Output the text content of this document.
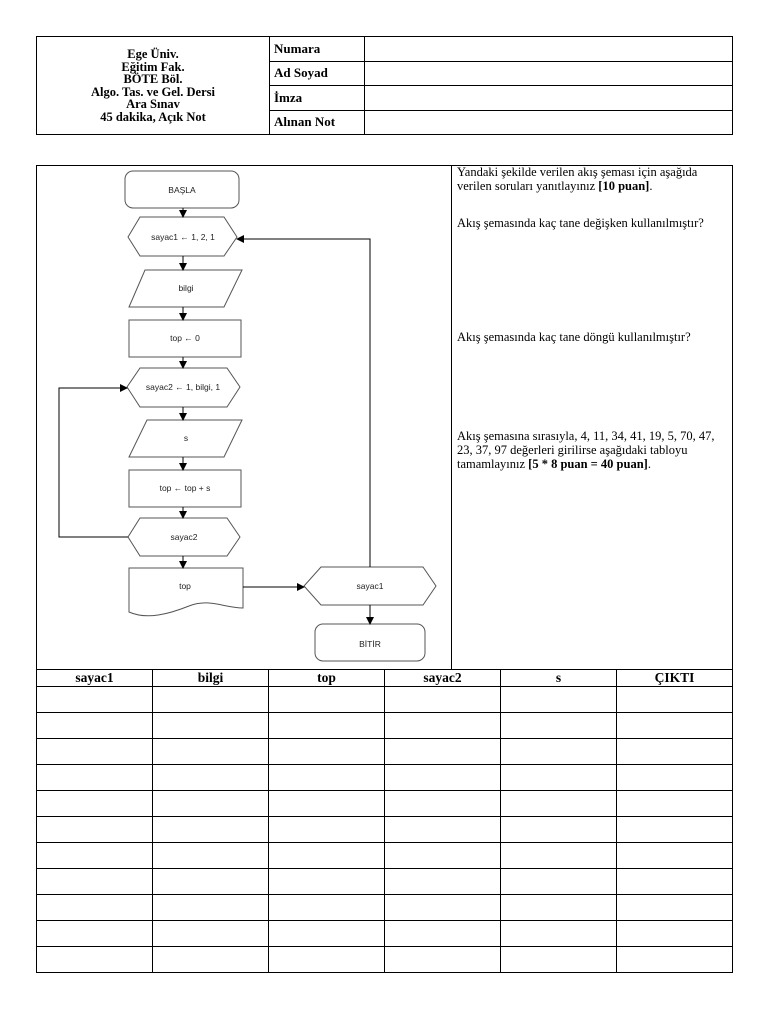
Ege Üniv.
Eğitim Fak.
BÖTE Böl.
Algo. Tas. ve Gel. Dersi
Ara Sınav
45 dakika, Açık Not
Numara
Ad Soyad
İmza
Alınan Not
BAŞLA
sayac1 ← 1, 2, 1
bilgi
top ← 0
sayac2 ← 1, bilgi, 1
s
top ← top + s
sayac2
top	sayac1
BİTİR
Yandaki şekilde verilen akış şeması için aşağıda verilen soruları yanıtlayınız [10 puan].
Akış şemasında kaç tane değişken kullanılmıştır?
Akış şemasında kaç tane döngü kullanılmıştır?
Akış şemasına sırasıyla, 4, 11, 34, 41, 19, 5, 70, 47, 23, 37, 97 değerleri girilirse aşağıdaki tabloyu tamamlayınız [5 * 8 puan = 40 puan].
sayac1	bilgi	top	sayac2	s	ÇIKTI
